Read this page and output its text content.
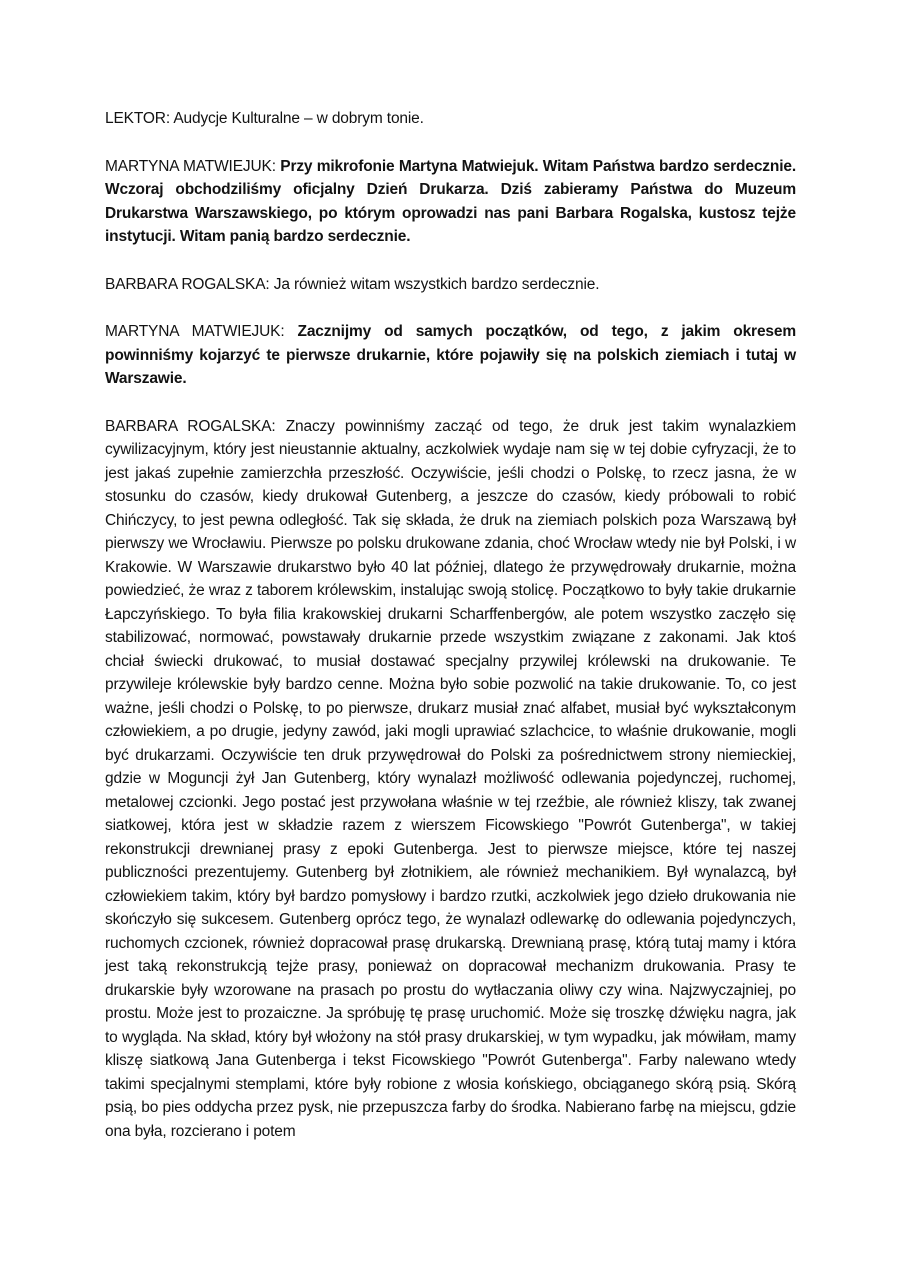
LEKTOR: Audycje Kulturalne – w dobrym tonie.

MARTYNA MATWIEJUK: Przy mikrofonie Martyna Matwiejuk. Witam Państwa bardzo serdecznie. Wczoraj obchodziliśmy oficjalny Dzień Drukarza. Dziś zabieramy Państwa do Muzeum Drukarstwa Warszawskiego, po którym oprowadzi nas pani Barbara Rogalska, kustosz tejże instytucji. Witam panią bardzo serdecznie.

BARBARA ROGALSKA: Ja również witam wszystkich bardzo serdecznie.

MARTYNA MATWIEJUK: Zacznijmy od samych początków, od tego, z jakim okresem powinniśmy kojarzyć te pierwsze drukarnie, które pojawiły się na polskich ziemiach i tutaj w Warszawie.

BARBARA ROGALSKA: Znaczy powinniśmy zacząć od tego, że druk jest takim wynalazkiem cywilizacyjnym, który jest nieustannie aktualny, aczkolwiek wydaje nam się w tej dobie cyfryzacji, że to jest jakaś zupełnie zamierzchła przeszłość. Oczywiście, jeśli chodzi o Polskę, to rzecz jasna, że w stosunku do czasów, kiedy drukował Gutenberg, a jeszcze do czasów, kiedy próbowali to robić Chińczycy, to jest pewna odległość. Tak się składa, że druk na ziemiach polskich poza Warszawą był pierwszy we Wrocławiu. Pierwsze po polsku drukowane zdania, choć Wrocław wtedy nie był Polski, i w Krakowie. W Warszawie drukarstwo było 40 lat później, dlatego że przywędrowały drukarnie, można powiedzieć, że wraz z taborem królewskim, instalując swoją stolicę. Początkowo to były takie drukarnie Łapczyńskiego. To była filia krakowskiej drukarni Scharffenbergów, ale potem wszystko zaczęło się stabilizować, normować, powstawały drukarnie przede wszystkim związane z zakonami. Jak ktoś chciał świecki drukować, to musiał dostawać specjalny przywilej królewski na drukowanie. Te przywileje królewskie były bardzo cenne. Można było sobie pozwolić na takie drukowanie. To, co jest ważne, jeśli chodzi o Polskę, to po pierwsze, drukarz musiał znać alfabet, musiał być wykształconym człowiekiem, a po drugie, jedyny zawód, jaki mogli uprawiać szlachcice, to właśnie drukowanie, mogli być drukarzami. Oczywiście ten druk przywędrował do Polski za pośrednictwem strony niemieckiej, gdzie w Moguncji żył Jan Gutenberg, który wynalazł możliwość odlewania pojedynczej, ruchomej, metalowej czcionki. Jego postać jest przywołana właśnie w tej rzeźbie, ale również kliszy, tak zwanej siatkowej, która jest w składzie razem z wierszem Ficowskiego "Powrót Gutenberga", w takiej rekonstrukcji drewnianej prasy z epoki Gutenberga. Jest to pierwsze miejsce, które tej naszej publiczności prezentujemy. Gutenberg był złotnikiem, ale również mechanikiem. Był wynalazcą, był człowiekiem takim, który był bardzo pomysłowy i bardzo rzutki, aczkolwiek jego dzieło drukowania nie skończyło się sukcesem. Gutenberg oprócz tego, że wynalazł odlewarkę do odlewania pojedynczych, ruchomych czcionek, również dopracował prasę drukarską. Drewnianą prasę, którą tutaj mamy i która jest taką rekonstrukcją tejże prasy, ponieważ on dopracował mechanizm drukowania. Prasy te drukarskie były wzorowane na prasach po prostu do wytłaczania oliwy czy wina. Najzwyczajniej, po prostu. Może jest to prozaiczne. Ja spróbuję tę prasę uruchomić. Może się troszkę dźwięku nagra, jak to wygląda. Na skład, który był włożony na stół prasy drukarskiej, w tym wypadku, jak mówiłam, mamy kliszę siatkową Jana Gutenberga i tekst Ficowskiego "Powrót Gutenberga". Farby nalewano wtedy takimi specjalnymi stemplami, które były robione z włosia końskiego, obciąganego skórą psią. Skórą psią, bo pies oddycha przez pysk, nie przepuszcza farby do środka. Nabierano farbę na miejscu, gdzie ona była, rozcierano i potem
